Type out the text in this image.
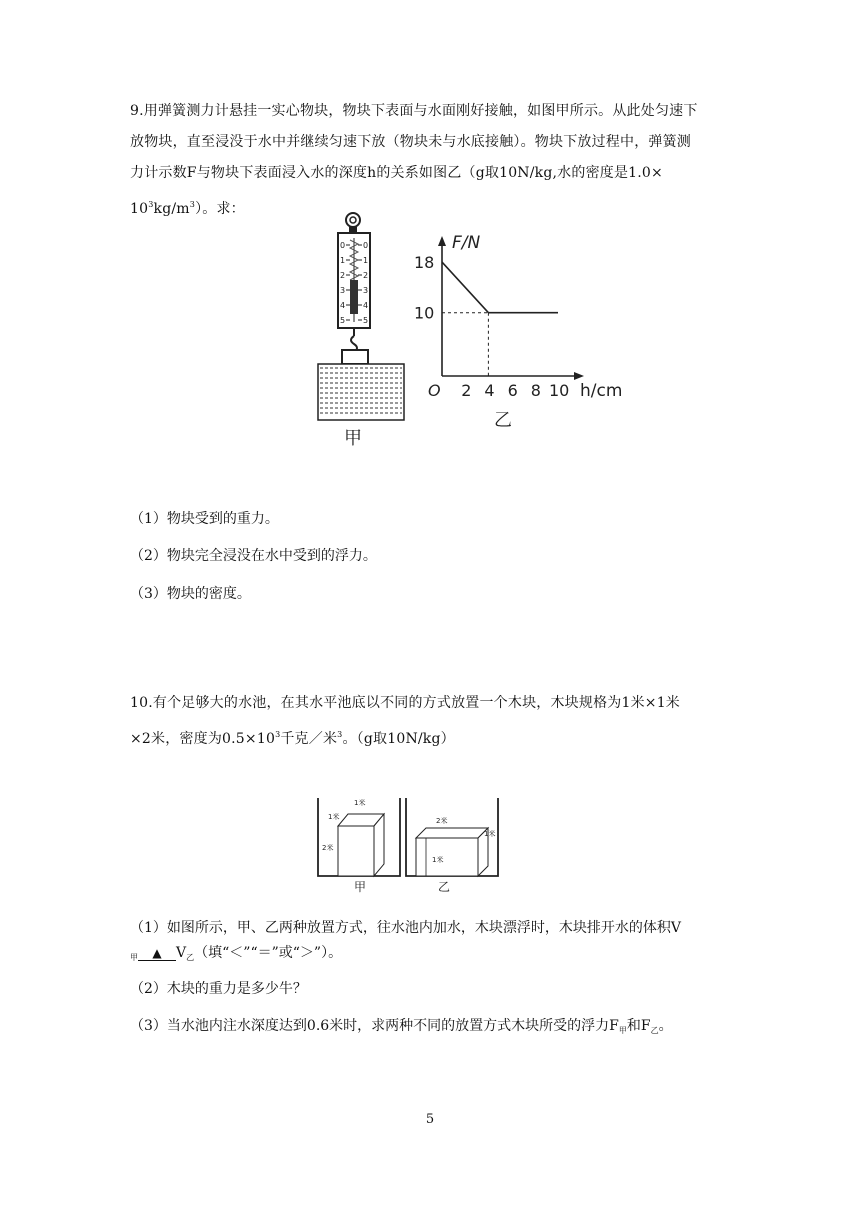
9.用弹簧测力计悬挂一实心物块，物块下表面与水面刚好接触，如图甲所示。从此处匀速下
放物块，直至浸没于水中并继续匀速下放（物块未与水底接触）。物块下放过程中，弹簧测
力计示数F与物块下表面浸入水的深度h的关系如图乙（g取10N/kg,水的密度是1.0×
$10^3kg/m^3$）。求：
0
1
2
3
4
5
0
1
2
3
4
5
甲
2 4 6 8 10
10
18
F/N
h/cm
O
乙
（1）物块受到的重力。
（2）物块完全浸没在水中受到的浮力。
（3）物块的密度。
10.有个足够大的水池，在其水平池底以不同的方式放置一个木块，木块规格为1米×1米
×2米，密度为$0.5\times 10^3$千克／米$^3$。（g取10N/kg）
1米
1米
2米
2米
1米
1米
甲	乙
（1）如图所示，甲、乙两种放置方式，往水池内加水，木块漂浮时，木块排开水的体积V
$_甲$ ▲ $V_乙$（填“＜”“＝”或“＞”）。
（2）木块的重力是多少牛？
（3）当水池内注水深度达到0.6米时，求两种不同的放置方式木块所受的浮力$F_甲$和$F_乙$。
5
